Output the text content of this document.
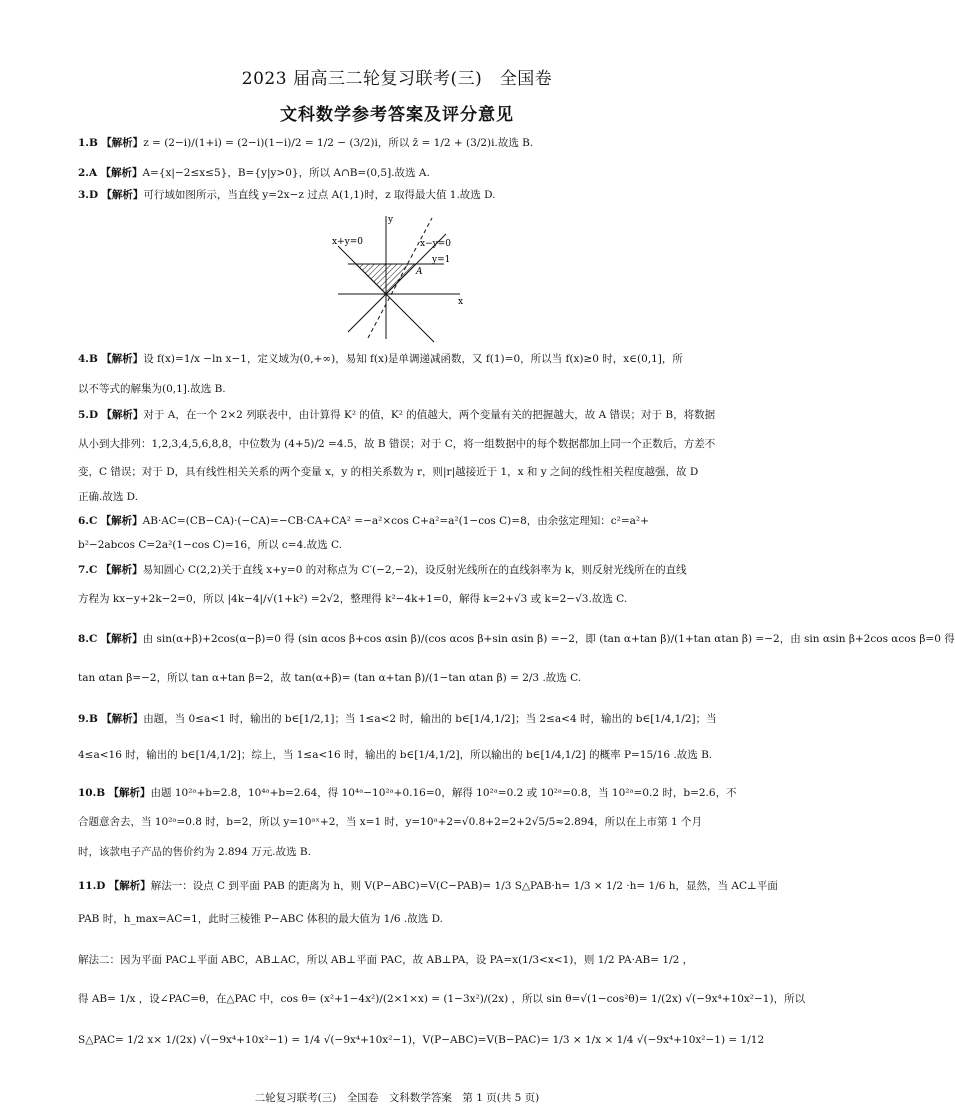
2023 届高三二轮复习联考(三)　全国卷
文科数学参考答案及评分意见
1.B 【解析】z = (2−i)/(1+i) = (2−i)(1−i)/2 = 1/2 − (3/2)i，所以 z̄ = 1/2 + (3/2)i.故选 B.
2.A 【解析】A={x|−2≤x≤5}，B={y|y>0}，所以 A∩B=(0,5].故选 A.
3.D 【解析】可行域如图所示，当直线 y=2x−z 过点 A(1,1)时，z 取得最大值 1.故选 D.
y
x
x+y=0	x−y=0
y=1
A
4.B 【解析】设 f(x)=1/x −ln x−1，定义域为(0,+∞)，易知 f(x)是单调递减函数，又 f(1)=0，所以当 f(x)≥0 时，x∈(0,1]，所
以不等式的解集为(0,1].故选 B.
5.D 【解析】对于 A，在一个 2×2 列联表中，由计算得 K² 的值，K² 的值越大，两个变量有关的把握越大，故 A 错误；对于 B，将数据
从小到大排列：1,2,3,4,5,6,8,8，中位数为 (4+5)/2 =4.5，故 B 错误；对于 C，将一组数据中的每个数据都加上同一个正数后，方差不
变，C 错误；对于 D，具有线性相关关系的两个变量 x，y 的相关系数为 r，则|r|越接近于 1，x 和 y 之间的线性相关程度越强，故 D
正确.故选 D.
6.C 【解析】AB·AC=(CB−CA)·(−CA)=−CB·CA+CA² =−a²×cos C+a²=a²(1−cos C)=8，由余弦定理知：c²=a²+
b²−2abcos C=2a²(1−cos C)=16，所以 c=4.故选 C.
7.C 【解析】易知圆心 C(2,2)关于直线 x+y=0 的对称点为 C′(−2,−2)，设反射光线所在的直线斜率为 k，则反射光线所在的直线
方程为 kx−y+2k−2=0，所以 |4k−4|/√(1+k²) =2√2，整理得 k²−4k+1=0，解得 k=2+√3 或 k=2−√3.故选 C.
8.C 【解析】由 sin(α+β)+2cos(α−β)=0 得 (sin αcos β+cos αsin β)/(cos αcos β+sin αsin β) =−2，即 (tan α+tan β)/(1+tan αtan β) =−2，由 sin αsin β+2cos αcos β=0 得
tan αtan β=−2，所以 tan α+tan β=2，故 tan(α+β)= (tan α+tan β)/(1−tan αtan β) = 2/3 .故选 C.
9.B 【解析】由题，当 0≤a<1 时，输出的 b∈[1/2,1]；当 1≤a<2 时，输出的 b∈[1/4,1/2]；当 2≤a<4 时，输出的 b∈[1/4,1/2]；当
4≤a<16 时，输出的 b∈[1/4,1/2]；综上，当 1≤a<16 时，输出的 b∈[1/4,1/2]，所以输出的 b∈[1/4,1/2] 的概率 P=15/16 .故选 B.
10.B 【解析】由题 10²ᵃ+b=2.8，10⁴ᵃ+b=2.64，得 10⁴ᵃ−10²ᵃ+0.16=0，解得 10²ᵃ=0.2 或 10²ᵃ=0.8，当 10²ᵃ=0.2 时，b=2.6，不
合题意舍去，当 10²ᵃ=0.8 时，b=2，所以 y=10ᵃˣ+2，当 x=1 时，y=10ᵃ+2=√0.8+2=2+2√5/5≈2.894，所以在上市第 1 个月
时，该款电子产品的售价约为 2.894 万元.故选 B.
11.D 【解析】解法一：设点 C 到平面 PAB 的距离为 h，则 V(P−ABC)=V(C−PAB)= 1/3 S△PAB·h= 1/3 × 1/2 ·h= 1/6 h，显然，当 AC⊥平面
PAB 时，h_max=AC=1，此时三棱锥 P−ABC 体积的最大值为 1/6 .故选 D.
解法二：因为平面 PAC⊥平面 ABC，AB⊥AC，所以 AB⊥平面 PAC，故 AB⊥PA，设 PA=x(1/3<x<1)，则 1/2 PA·AB= 1/2 ，
得 AB= 1/x ，设∠PAC=θ，在△PAC 中，cos θ= (x²+1−4x²)/(2×1×x) = (1−3x²)/(2x) ，所以 sin θ=√(1−cos²θ)= 1/(2x) √(−9x⁴+10x²−1)，所以
S△PAC= 1/2 x× 1/(2x) √(−9x⁴+10x²−1) = 1/4 √(−9x⁴+10x²−1)，V(P−ABC)=V(B−PAC)= 1/3 × 1/x × 1/4 √(−9x⁴+10x²−1) = 1/12
二轮复习联考(三)　全国卷　文科数学答案　第 1 页(共 5 页)
